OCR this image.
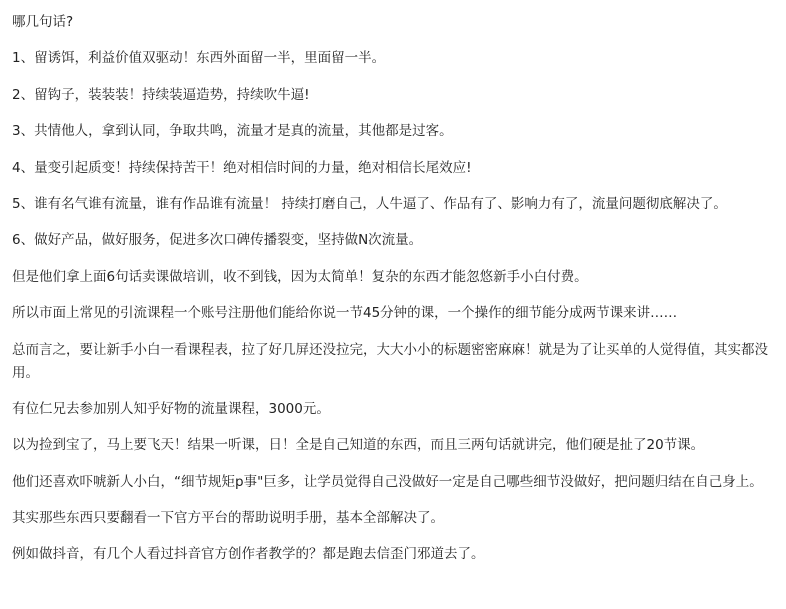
哪几句话?

1、留诱饵，利益价值双驱动！东西外面留一半，里面留一半。

2、留钩子，装装装！持续装逼造势，持续吹牛逼!

3、共情他人，拿到认同，争取共鸣，流量才是真的流量，其他都是过客。

4、量变引起质变！持续保持苦干！绝对相信时间的力量，绝对相信长尾效应!

5、谁有名气谁有流量，谁有作品谁有流量！ 持续打磨自己，人牛逼了、作品有了、影响力有了，流量问题彻底解决了。

6、做好产品，做好服务，促进多次口碑传播裂变，坚持做N次流量。

但是他们拿上面6句话卖课做培训，收不到钱，因为太简单！复杂的东西才能忽悠新手小白付费。

所以市面上常见的引流课程一个账号注册他们能给你说一节45分钟的课，一个操作的细节能分成两节课来讲……

总而言之，要让新手小白一看课程表，拉了好几屏还没拉完，大大小小的标题密密麻麻！就是为了让买单的人觉得值，其实都没用。

有位仁兄去参加别人知乎好物的流量课程，3000元。

以为捡到宝了，马上要飞天！结果一听课，日！全是自己知道的东西，而且三两句话就讲完，他们硬是扯了20节课。

他们还喜欢吓唬新人小白，“细节规矩p事"巨多，让学员觉得自己没做好一定是自己哪些细节没做好，把问题归结在自己身上。

其实那些东西只要翻看一下官方平台的帮助说明手册，基本全部解决了。

例如做抖音，有几个人看过抖音官方创作者教学的？都是跑去信歪门邪道去了。
